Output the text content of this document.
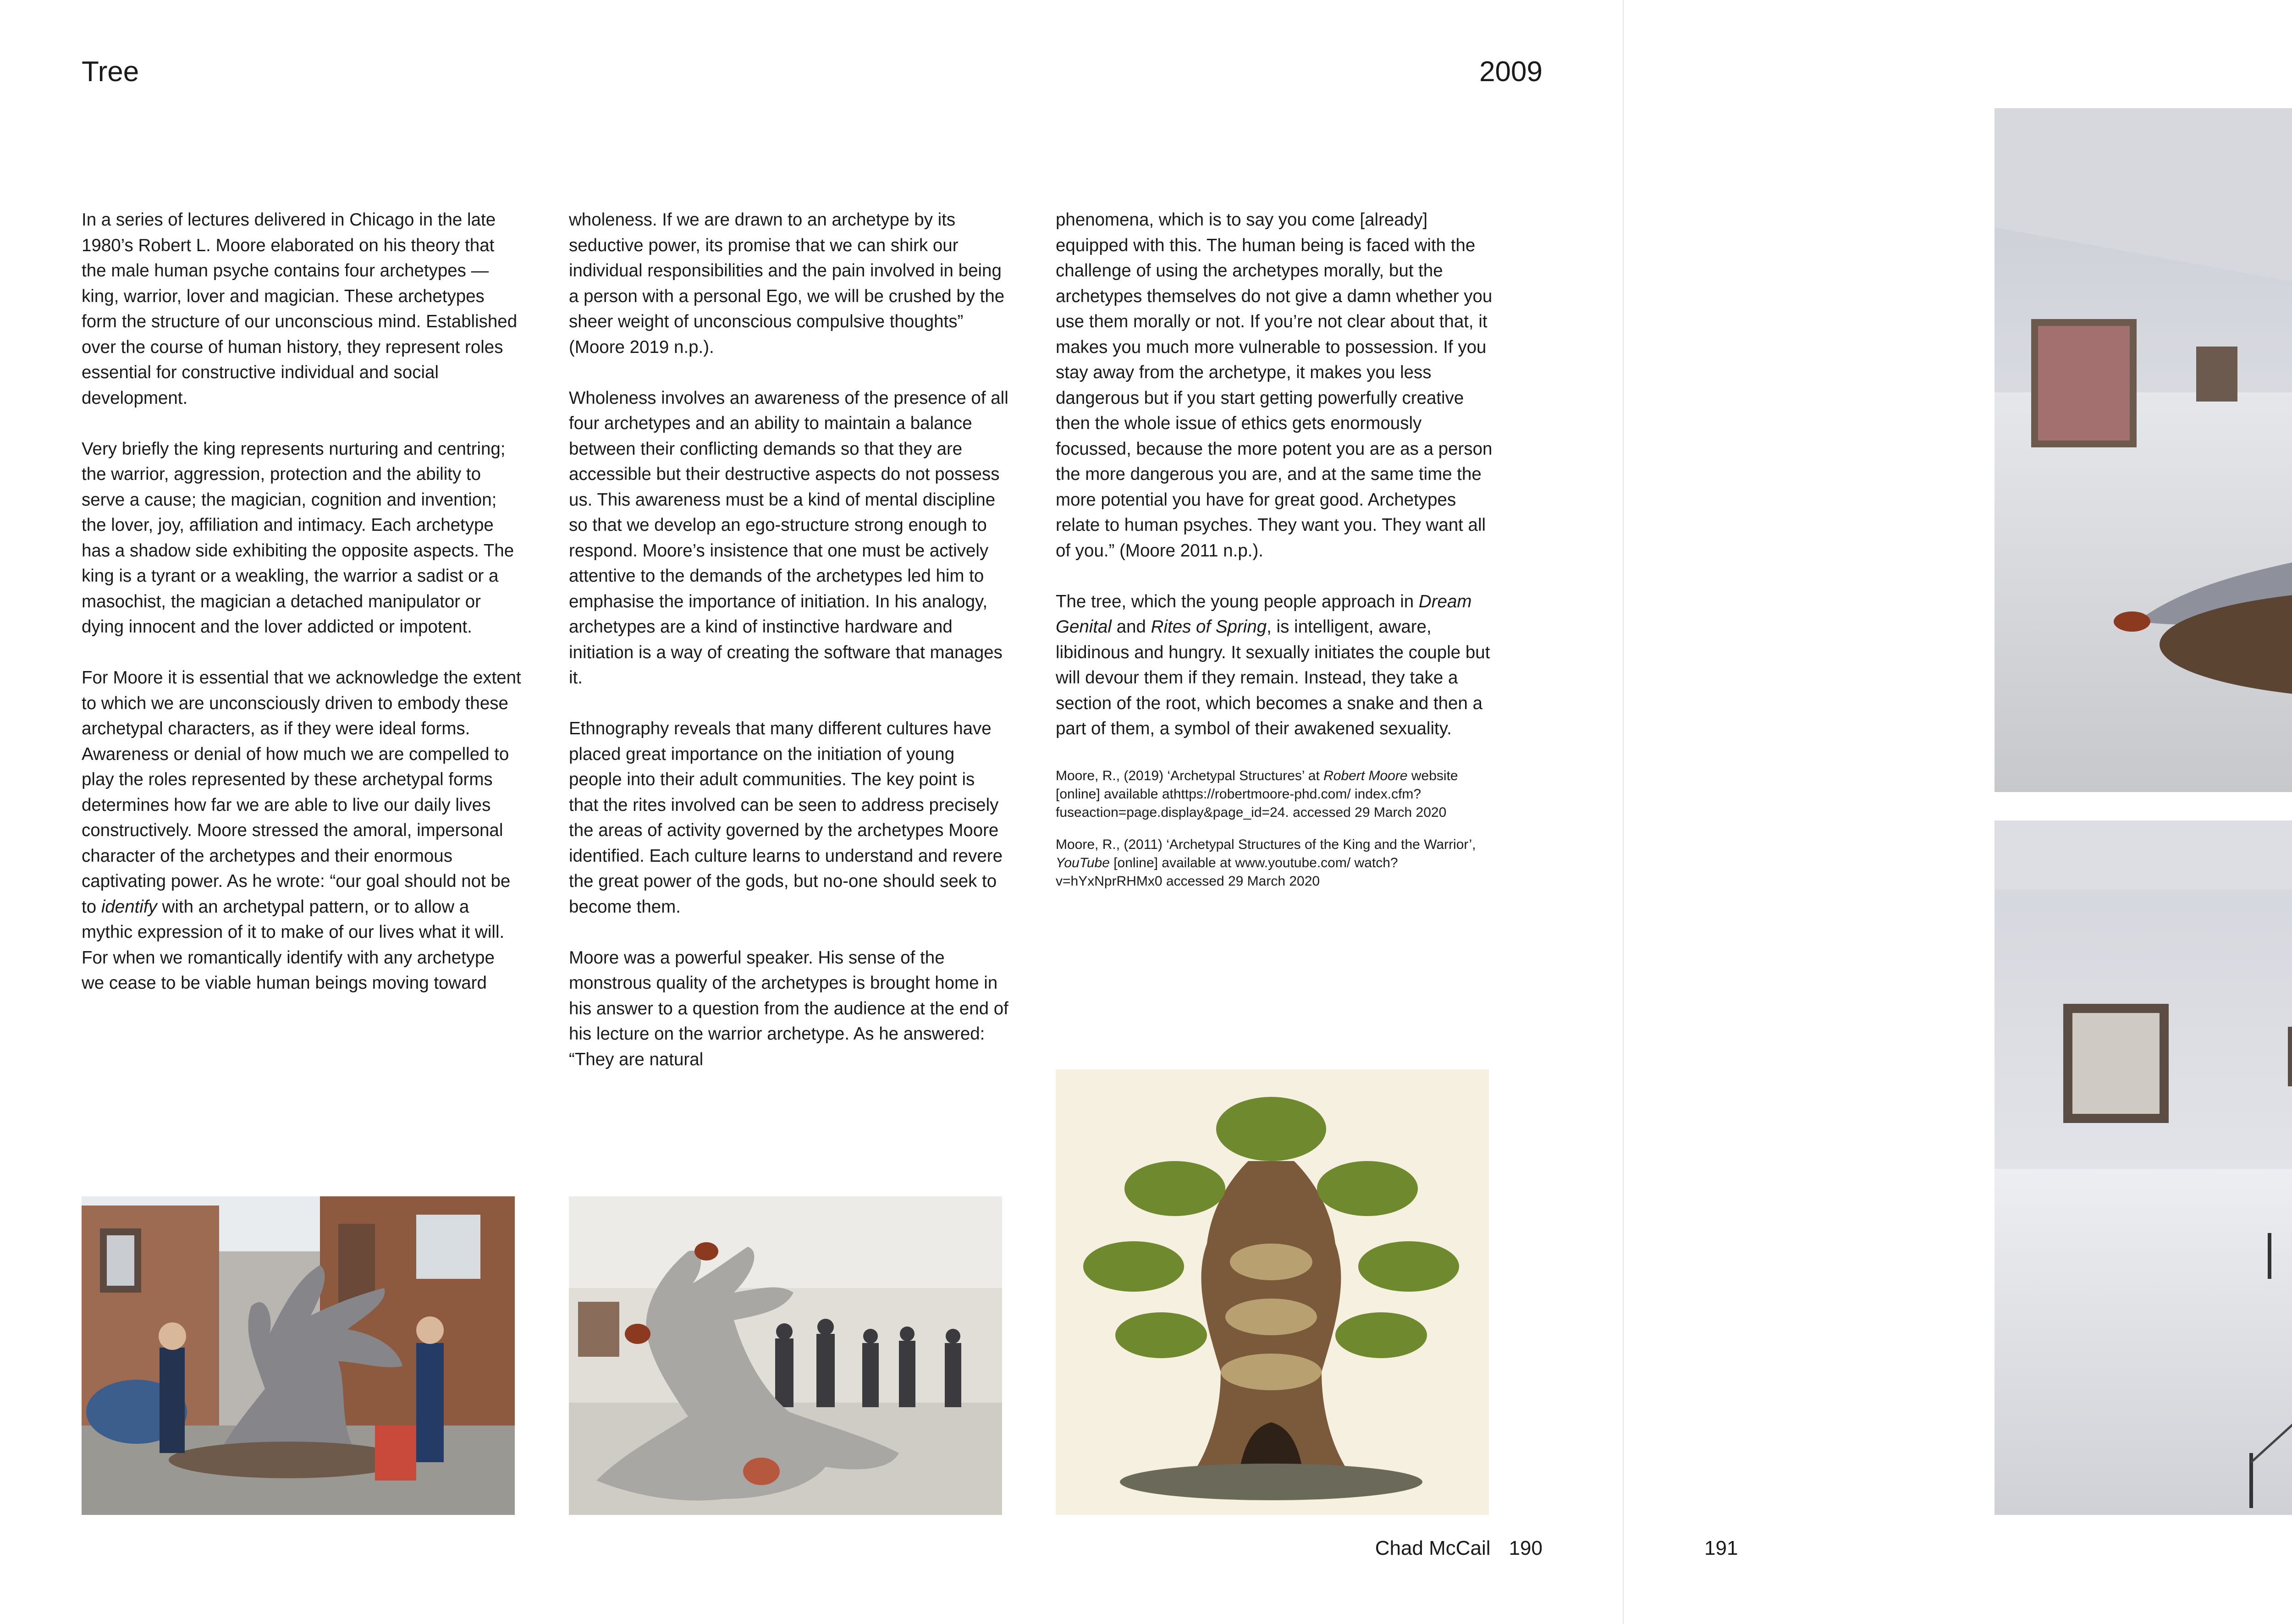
Tree	2009

In a series of lectures delivered in Chicago in the late 1980’s Robert L. Moore elaborated on his theory that the male human psyche contains four archetypes — king, warrior, lover and magician. These archetypes form the structure of our unconscious mind. Established over the course of human history, they represent roles essential for constructive individual and social development.

Very briefly the king represents nurturing and centring; the warrior, aggression, protection and the ability to serve a cause; the magician, cognition and invention; the lover, joy, affiliation and intimacy. Each archetype has a shadow side exhibiting the opposite aspects. The king is a tyrant or a weakling, the warrior a sadist or a masochist, the magician a detached manipulator or dying innocent and the lover addicted or impotent.

For Moore it is essential that we acknowledge the extent to which we are unconsciously driven to embody these archetypal characters, as if they were ideal forms. Awareness or denial of how much we are compelled to play the roles represented by these archetypal forms determines how far we are able to live our daily lives constructively. Moore stressed the amoral, impersonal character of the archetypes and their enormous captivating power. As he wrote: “our goal should not be to identify with an archetypal pattern, or to allow a mythic expression of it to make of our lives what it will. For when we romantically identify with any archetype we cease to be viable human beings moving toward

wholeness. If we are drawn to an archetype by its seductive power, its promise that we can shirk our individual responsibilities and the pain involved in being a person with a personal Ego, we will be crushed by the sheer weight of unconscious compulsive thoughts” (Moore 2019 n.p.).

Wholeness involves an awareness of the presence of all four archetypes and an ability to maintain a balance between their conflicting demands so that they are accessible but their destructive aspects do not possess us. This awareness must be a kind of mental discipline so that we develop an ego-structure strong enough to respond. Moore’s insistence that one must be actively attentive to the demands of the archetypes led him to emphasise the importance of initiation. In his analogy, archetypes are a kind of instinctive hardware and initiation is a way of creating the software that manages it.

Ethnography reveals that many different cultures have placed great importance on the initiation of young people into their adult communities. The key point is that the rites involved can be seen to address precisely the areas of activity governed by the archetypes Moore identified. Each culture learns to understand and revere the great power of the gods, but no-one should seek to become them.

Moore was a powerful speaker. His sense of the monstrous quality of the archetypes is brought home in his answer to a question from the audience at the end of his lecture on the warrior archetype. As he answered: “They are natural

phenomena, which is to say you come [already] equipped with this. The human being is faced with the challenge of using the archetypes morally, but the archetypes themselves do not give a damn whether you use them morally or not. If you’re not clear about that, it makes you much more vulnerable to possession. If you stay away from the archetype, it makes you less dangerous but if you start getting powerfully creative then the whole issue of ethics gets enormously focussed, because the more potent you are as a person the more dangerous you are, and at the same time the more potential you have for great good. Archetypes relate to human psyches. They want you. They want all of you.” (Moore 2011 n.p.).

The tree, which the young people approach in Dream Genital and Rites of Spring, is intelligent, aware, libidinous and hungry. It sexually initiates the couple but will devour them if they remain. Instead, they take a section of the root, which becomes a snake and then a part of them, a symbol of their awakened sexuality.

Moore, R., (2019) ‘Archetypal Structures’ at Robert Moore website [online] available athttps://robertmoore-phd.com/ index.cfm?fuseaction=page.display&page_id=24. accessed 29 March 2020

Moore, R., (2011) ‘Archetypal Structures of the King and the Warrior’, YouTube [online] available at www.youtube.com/ watch?v=hYxNprRHMx0 accessed 29 March 2020

Chad McCail 190	191
